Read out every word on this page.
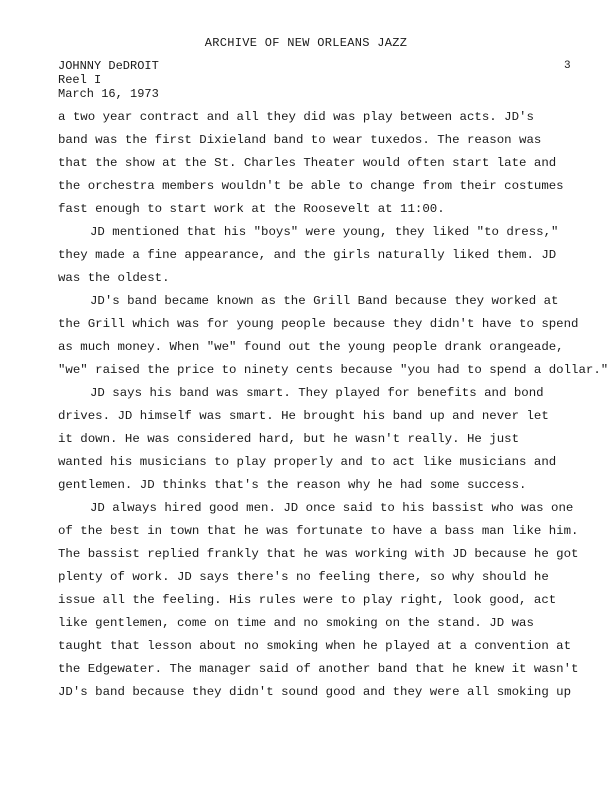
ARCHIVE OF NEW ORLEANS JAZZ
3
JOHNNY DeDROIT
Reel I
March 16, 1973
a two year contract and all they did was play between acts. JD's
band was the first Dixieland band to wear tuxedos. The reason was
that the show at the St. Charles Theater would often start late and
the orchestra members wouldn't be able to change from their costumes
fast enough to start work at the Roosevelt at 11:00.
JD mentioned that his "boys" were young, they liked "to dress,"
they made a fine appearance, and the girls naturally liked them. JD
was the oldest.
JD's band became known as the Grill Band because they worked at
the Grill which was for young people because they didn't have to spend
as much money. When "we" found out the young people drank orangeade,
"we" raised the price to ninety cents because "you had to spend a dollar."
JD says his band was smart. They played for benefits and bond
drives. JD himself was smart. He brought his band up and never let
it down. He was considered hard, but he wasn't really. He just
wanted his musicians to play properly and to act like musicians and
gentlemen. JD thinks that's the reason why he had some success.
JD always hired good men. JD once said to his bassist who was one
of the best in town that he was fortunate to have a bass man like him.
The bassist replied frankly that he was working with JD because he got
plenty of work. JD says there's no feeling there, so why should he
issue all the feeling. His rules were to play right, look good, act
like gentlemen, come on time and no smoking on the stand. JD was
taught that lesson about no smoking when he played at a convention at
the Edgewater. The manager said of another band that he knew it wasn't
JD's band because they didn't sound good and they were all smoking up
